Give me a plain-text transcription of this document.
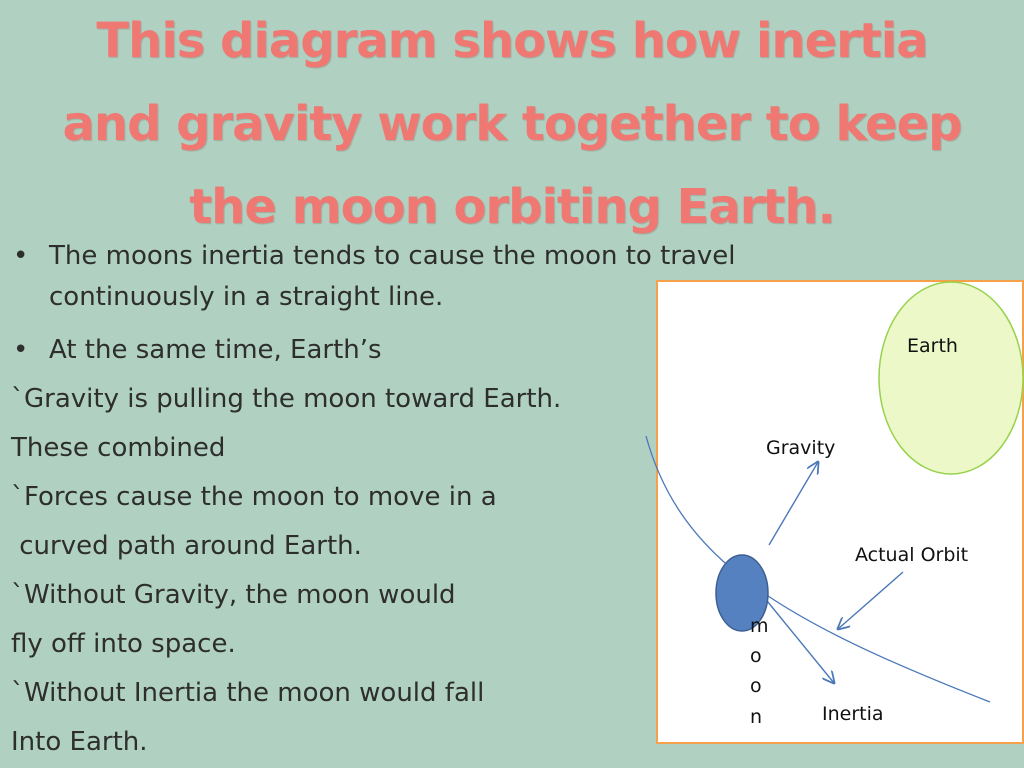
This diagram shows how inertia
and gravity work together to keep
the moon orbiting Earth.
• The moons inertia tends to cause the moon to travel
continuously in a straight line.
• At the same time, Earth’s
`Gravity is pulling the moon toward Earth.
These combined
`Forces cause the moon to move in a
curved path around Earth.
`Without Gravity, the moon would
fly off into space.
`Without Inertia the moon would fall
Into Earth.
Earth
Gravity
Actual Orbit
Inertia
m
o
o
n
